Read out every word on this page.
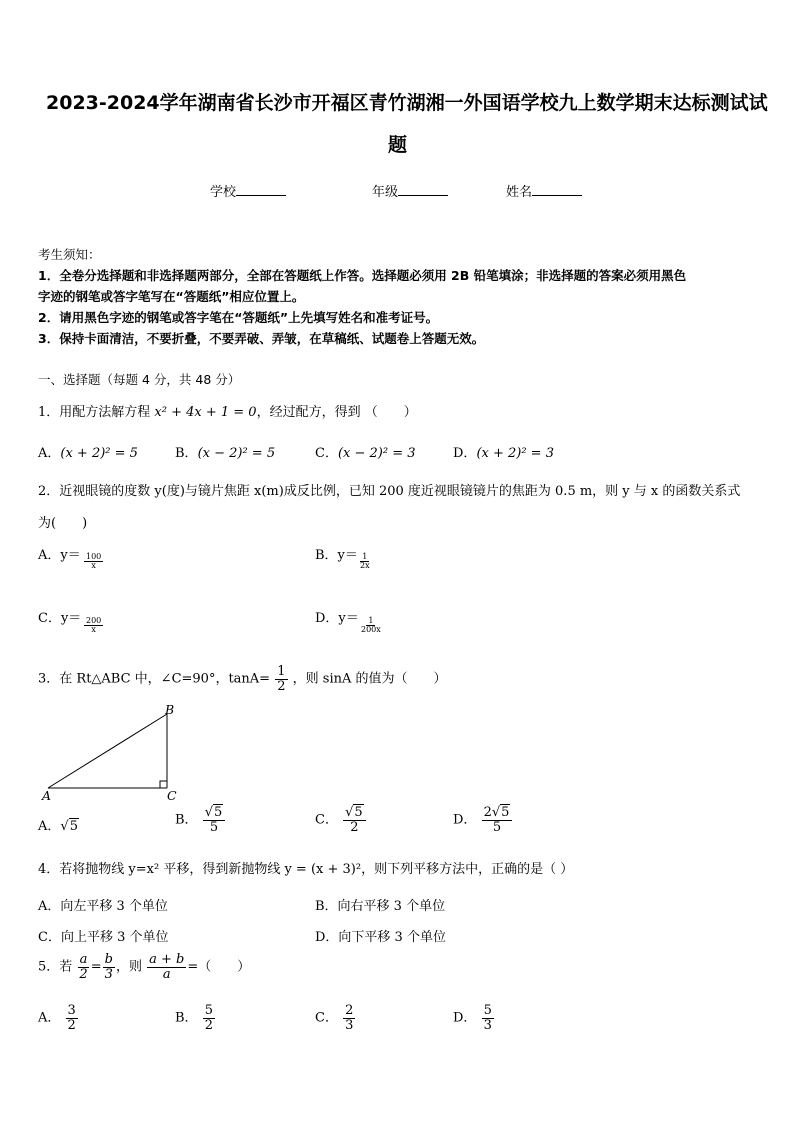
2023-2024学年湖南省长沙市开福区青竹湖湘一外国语学校九上数学期末达标测试试
题
学校	年级	姓名
考生须知：
1．全卷分选择题和非选择题两部分，全部在答题纸上作答。选择题必须用 2B 铅笔填涂；非选择题的答案必须用黑色
字迹的钢笔或答字笔写在“答题纸”相应位置上。
2．请用黑色字迹的钢笔或答字笔在“答题纸”上先填写姓名和准考证号。
3．保持卡面清洁，不要折叠，不要弄破、弄皱，在草稿纸、试题卷上答题无效。
一、选择题（每题 4 分，共 48 分）
1．用配方法解方程 x² + 4x + 1 = 0，经过配方，得到 （　　）
A．(x + 2)² = 5	B．(x − 2)² = 5	C．(x − 2)² = 3	D．(x + 2)² = 3
2．近视眼镜的度数 y(度)与镜片焦距 x(m)成反比例，已知 200 度近视眼镜镜片的焦距为 0.5 m，则 y 与 x 的函数关系式
为(　　)
A．$y= \frac{100}{x}$	B．$y= \frac{1}{2x}$
C．$y= \frac{200}{x}$	D．$y= \frac{1}{200x}$
3．在 Rt△ABC 中，∠C=90°，$\tan A= \frac{1}{2}$ ，则 sinA 的值为（　　）
A
B
C
A．√5	B． $\frac{√5}{5}$	C． $\frac{√5}{2}$	D． $\frac{2√5}{5}$
4．若将抛物线 y=x² 平移，得到新抛物线 y = (x + 3)²，则下列平移方法中，正确的是（ ）
A．向左平移 3 个单位	B．向右平移 3 个单位
C．向上平移 3 个单位	D．向下平移 3 个单位
5．若 $\frac{a}{2} = \frac{b}{3}$ ，则 $\frac{a + b}{a}$ =（　　）
A． $\frac{3}{2}$	B． $\frac{5}{2}$	C． $\frac{2}{3}$	D． $\frac{5}{3}$
